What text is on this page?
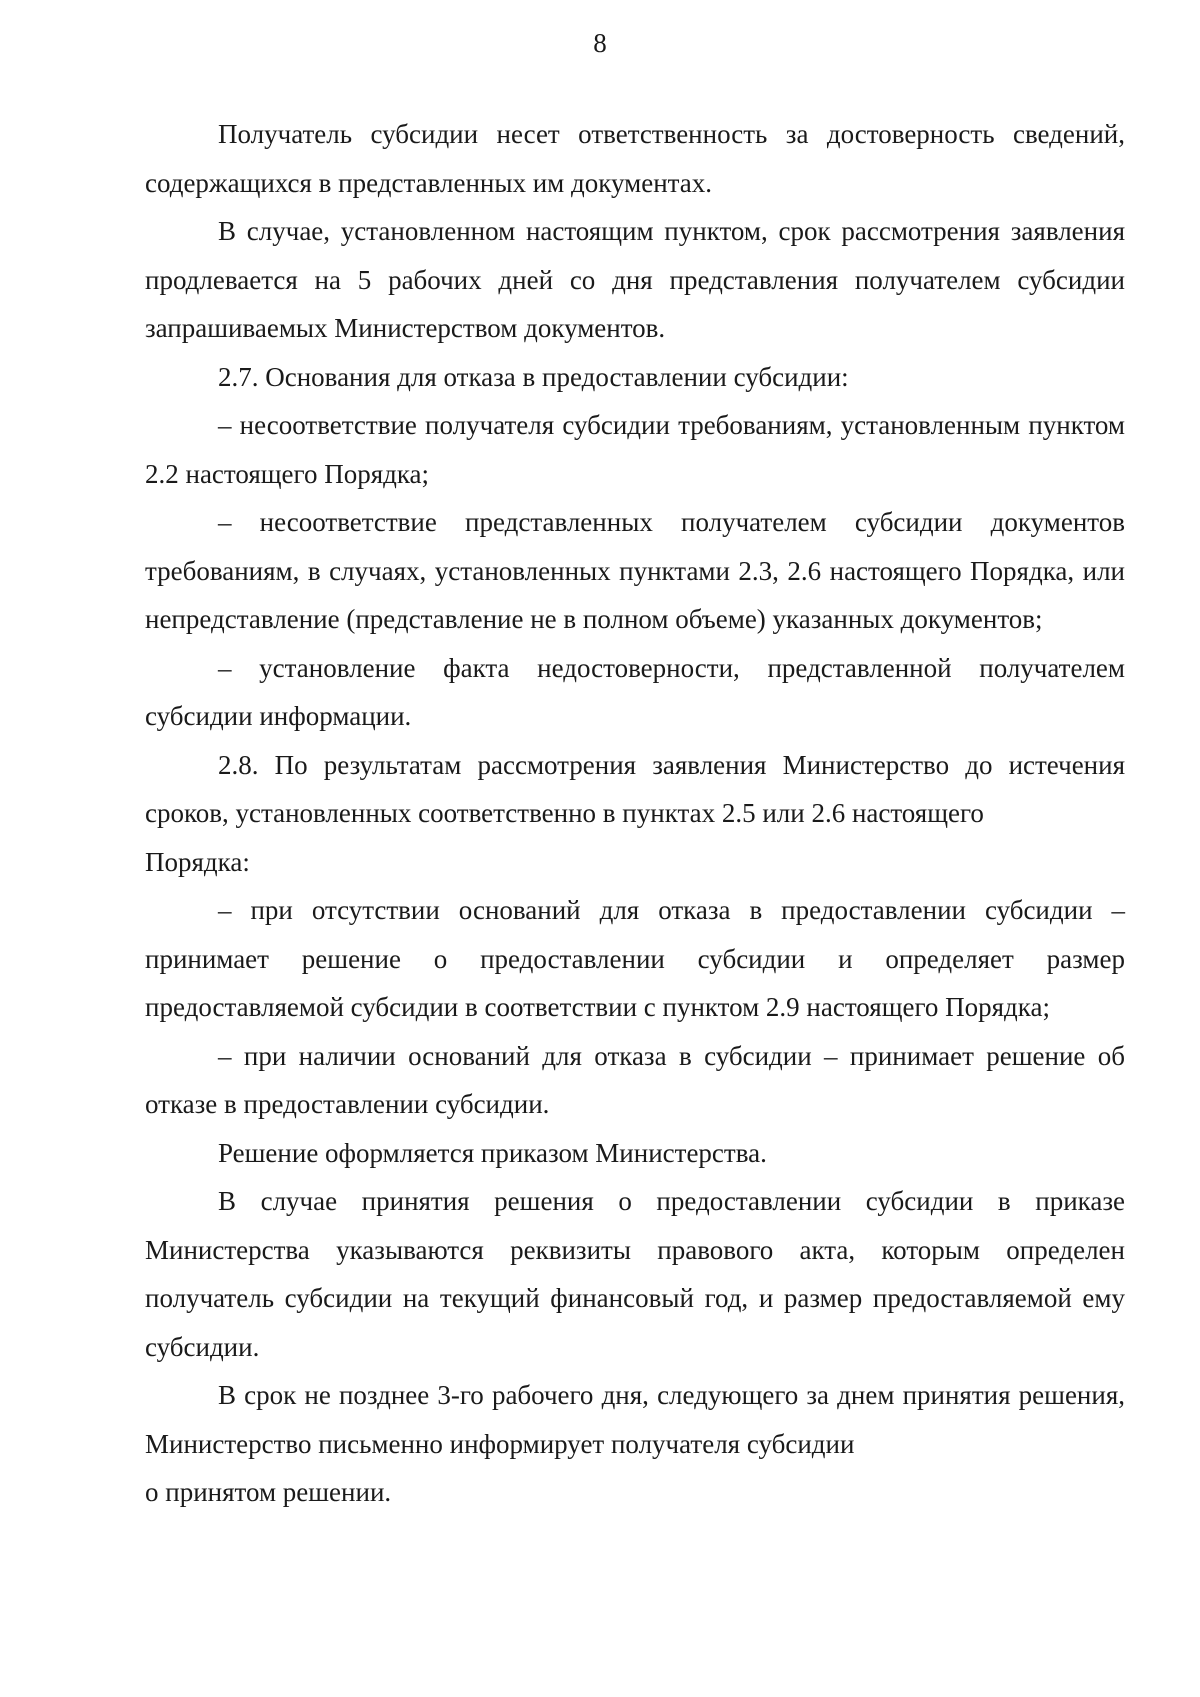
8

Получатель субсидии несет ответственность за достоверность сведений, содержащихся в представленных им документах.

В случае, установленном настоящим пунктом, срок рассмотрения заявления продлевается на 5 рабочих дней со дня представления получателем субсидии запрашиваемых Министерством документов.

2.7. Основания для отказа в предоставлении субсидии:

– несоответствие получателя субсидии требованиям, установленным пунктом 2.2 настоящего Порядка;

– несоответствие представленных получателем субсидии документов требованиям, в случаях, установленных пунктами 2.3, 2.6 настоящего Порядка, или непредставление (представление не в полном объеме) указанных документов;

– установление факта недостоверности, представленной получателем субсидии информации.

2.8. По результатам рассмотрения заявления Министерство до истечения сроков, установленных соответственно в пунктах 2.5 или 2.6 настоящего
Порядка:

– при отсутствии оснований для отказа в предоставлении субсидии – принимает решение о предоставлении субсидии и определяет размер предоставляемой субсидии в соответствии с пунктом 2.9 настоящего Порядка;

– при наличии оснований для отказа в субсидии – принимает решение об отказе в предоставлении субсидии.

Решение оформляется приказом Министерства.

В случае принятия решения о предоставлении субсидии в приказе Министерства указываются реквизиты правового акта, которым определен получатель субсидии на текущий финансовый год, и размер предоставляемой ему субсидии.

В срок не позднее 3-го рабочего дня, следующего за днем принятия решения, Министерство письменно информирует получателя субсидии
о принятом решении.
